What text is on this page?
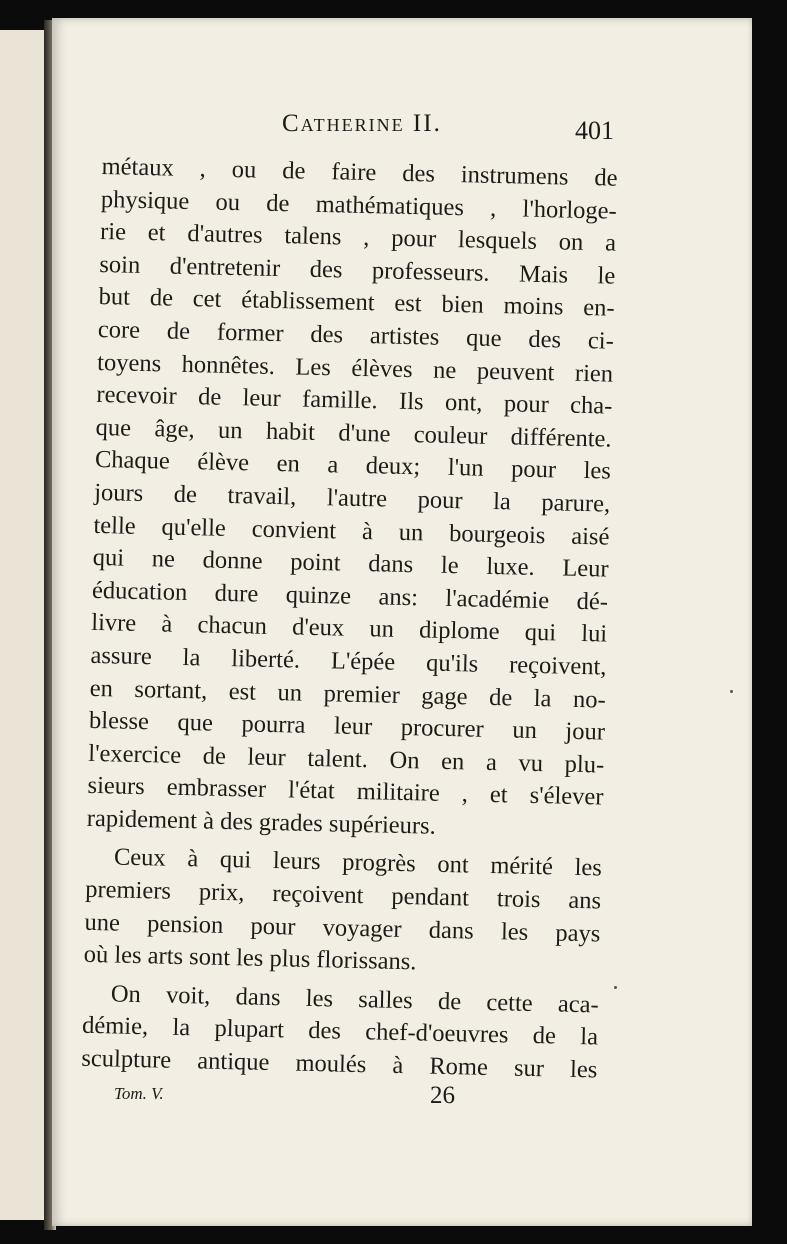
Catherine II.	401
métaux , ou de faire des instrumens de
physique ou de mathématiques , l'horloge-
rie et d'autres talens , pour lesquels on a
soin d'entretenir des professeurs. Mais le
but de cet établissement est bien moins en-
core de former des artistes que des ci-
toyens honnêtes. Les élèves ne peuvent rien
recevoir de leur famille. Ils ont, pour cha-
que âge, un habit d'une couleur différente.
Chaque élève en a deux; l'un pour les
jours de travail, l'autre pour la parure,
telle qu'elle convient à un bourgeois aisé
qui ne donne point dans le luxe. Leur
éducation dure quinze ans: l'académie dé-
livre à chacun d'eux un diplome qui lui
assure la liberté. L'épée qu'ils reçoivent,
en sortant, est un premier gage de la no-
blesse que pourra leur procurer un jour
l'exercice de leur talent. On en a vu plu-
sieurs embrasser l'état militaire , et s'élever
rapidement à des grades supérieurs.
Ceux à qui leurs progrès ont mérité les
premiers prix, reçoivent pendant trois ans
une pension pour voyager dans les pays
où les arts sont les plus florissans.
On voit, dans les salles de cette aca-
démie, la plupart des chef-d'oeuvres de la
sculpture antique moulés à Rome sur les
Tom. V.	26
